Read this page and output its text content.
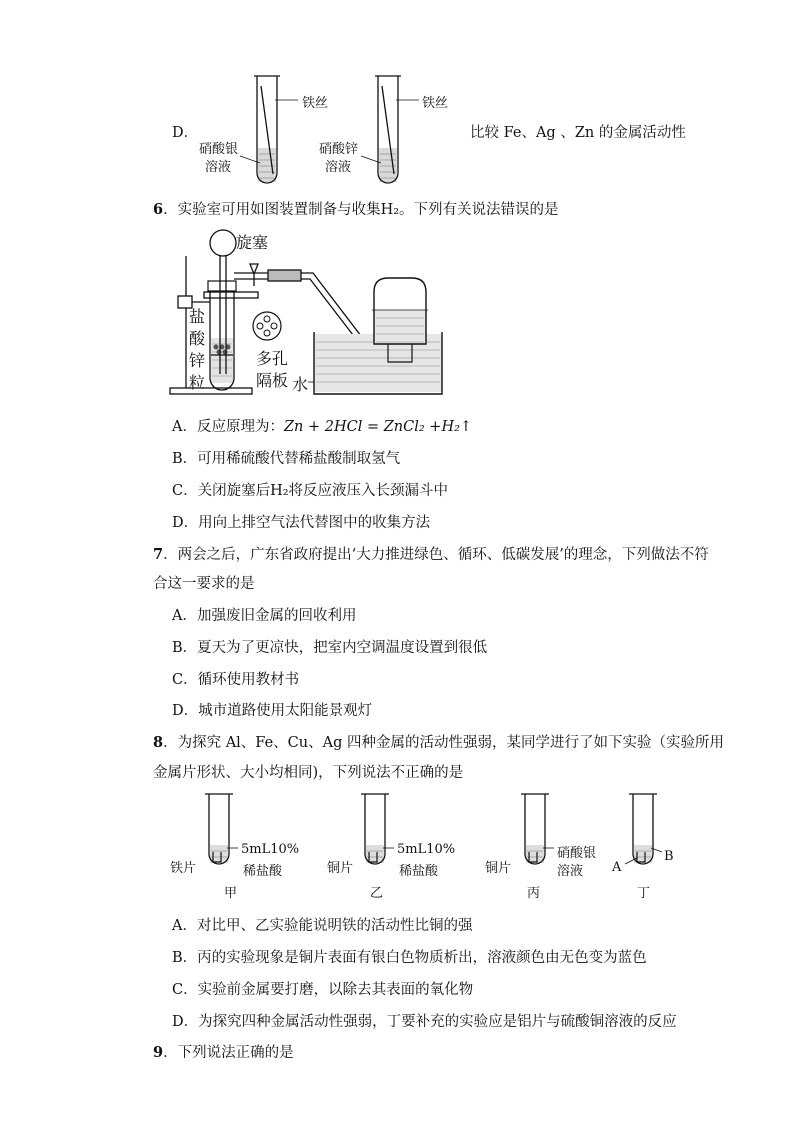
D．
铁丝
硝酸银
溶液
铁丝
硝酸锌
溶液
比较 Fe、Ag 、Zn 的金属活动性
6．实验室可用如图装置制备与收集H₂。下列有关说法错误的是
旋塞
盐
酸
锌
粒
多孔
隔板 水
A．反应原理为：Zn + 2HCl = ZnCl₂ +H₂↑
B．可用稀硫酸代替稀盐酸制取氢气
C．关闭旋塞后H₂将反应液压入长颈漏斗中
D．用向上排空气法代替图中的收集方法
7．两会之后，广东省政府提出‘大力推进绿色、循环、低碳发展’的理念，下列做法不符
合这一要求的是
A．加强废旧金属的回收利用
B．夏天为了更凉快，把室内空调温度设置到很低
C．循环使用教材书
D．城市道路使用太阳能景观灯
8．为探究 Al、Fe、Cu、Ag 四种金属的活动性强弱，某同学进行了如下实验（实验所用
金属片形状、大小均相同)，下列说法不正确的是
铁片
5mL10%
稀盐酸
甲
铜片
5mL10%
稀盐酸
乙
铜片
硝酸银
溶液
丙
A
B
丁
A．对比甲、乙实验能说明铁的活动性比铜的强
B．丙的实验现象是铜片表面有银白色物质析出，溶液颜色由无色变为蓝色
C．实验前金属要打磨，以除去其表面的氧化物
D．为探究四种金属活动性强弱，丁要补充的实验应是铝片与硫酸铜溶液的反应
9．下列说法正确的是
